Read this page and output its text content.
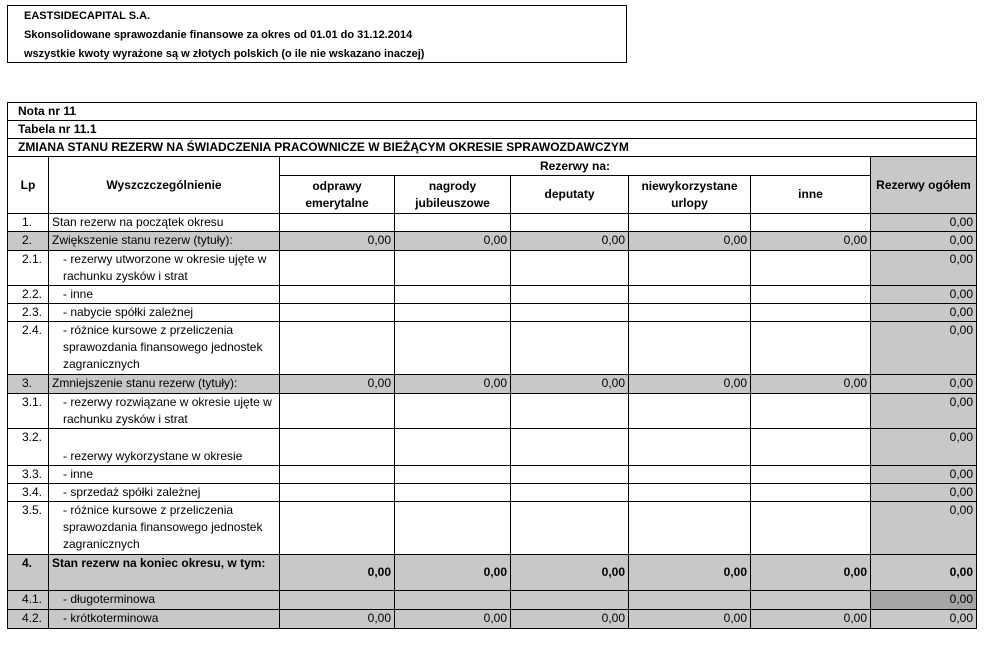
EASTSIDECAPITAL S.A.
Skonsolidowane sprawozdanie finansowe za okres od 01.01 do 31.12.2014
wszystkie kwoty wyrażone są w złotych polskich (o ile nie wskazano inaczej)
Nota nr 11							
Tabela nr 11.1							
ZMIANA STANU REZERW NA ŚWIADCZENIA PRACOWNICZE W BIEŻĄCYM OKRESIE SPRAWOZDAWCZYM							
Lp	Wyszczczególnienie	Rezerwy na:					Rezerwy ogółem
		odprawy emerytalne	nagrody jubileuszowe	deputaty	niewykorzystane urlopy	inne	
1.	Stan rezerw na początek okresu						0,00
2.	Zwiększenie stanu rezerw (tytuły):	0,00	0,00	0,00	0,00	0,00	0,00
2.1.	- rezerwy utworzone w okresie ujęte w rachunku zysków i strat						0,00
2.2.	- inne						0,00
2.3.	- nabycie spółki zależnej						0,00
2.4.	- różnice kursowe z przeliczenia sprawozdania finansowego jednostek zagranicznych						0,00
3.	Zmniejszenie stanu rezerw (tytuły):	0,00	0,00	0,00	0,00	0,00	0,00
3.1.	- rezerwy rozwiązane w okresie ujęte w rachunku zysków i strat						0,00
3.2.	- rezerwy wykorzystane w okresie						0,00
3.3.	- inne						0,00
3.4.	- sprzedaż spółki zależnej						0,00
3.5.	- różnice kursowe z przeliczenia sprawozdania finansowego jednostek zagranicznych						0,00
4.	Stan rezerw na koniec okresu, w tym:	0,00	0,00	0,00	0,00	0,00	0,00
4.1.	- długoterminowa						0,00
4.2.	- krótkoterminowa	0,00	0,00	0,00	0,00	0,00	0,00
